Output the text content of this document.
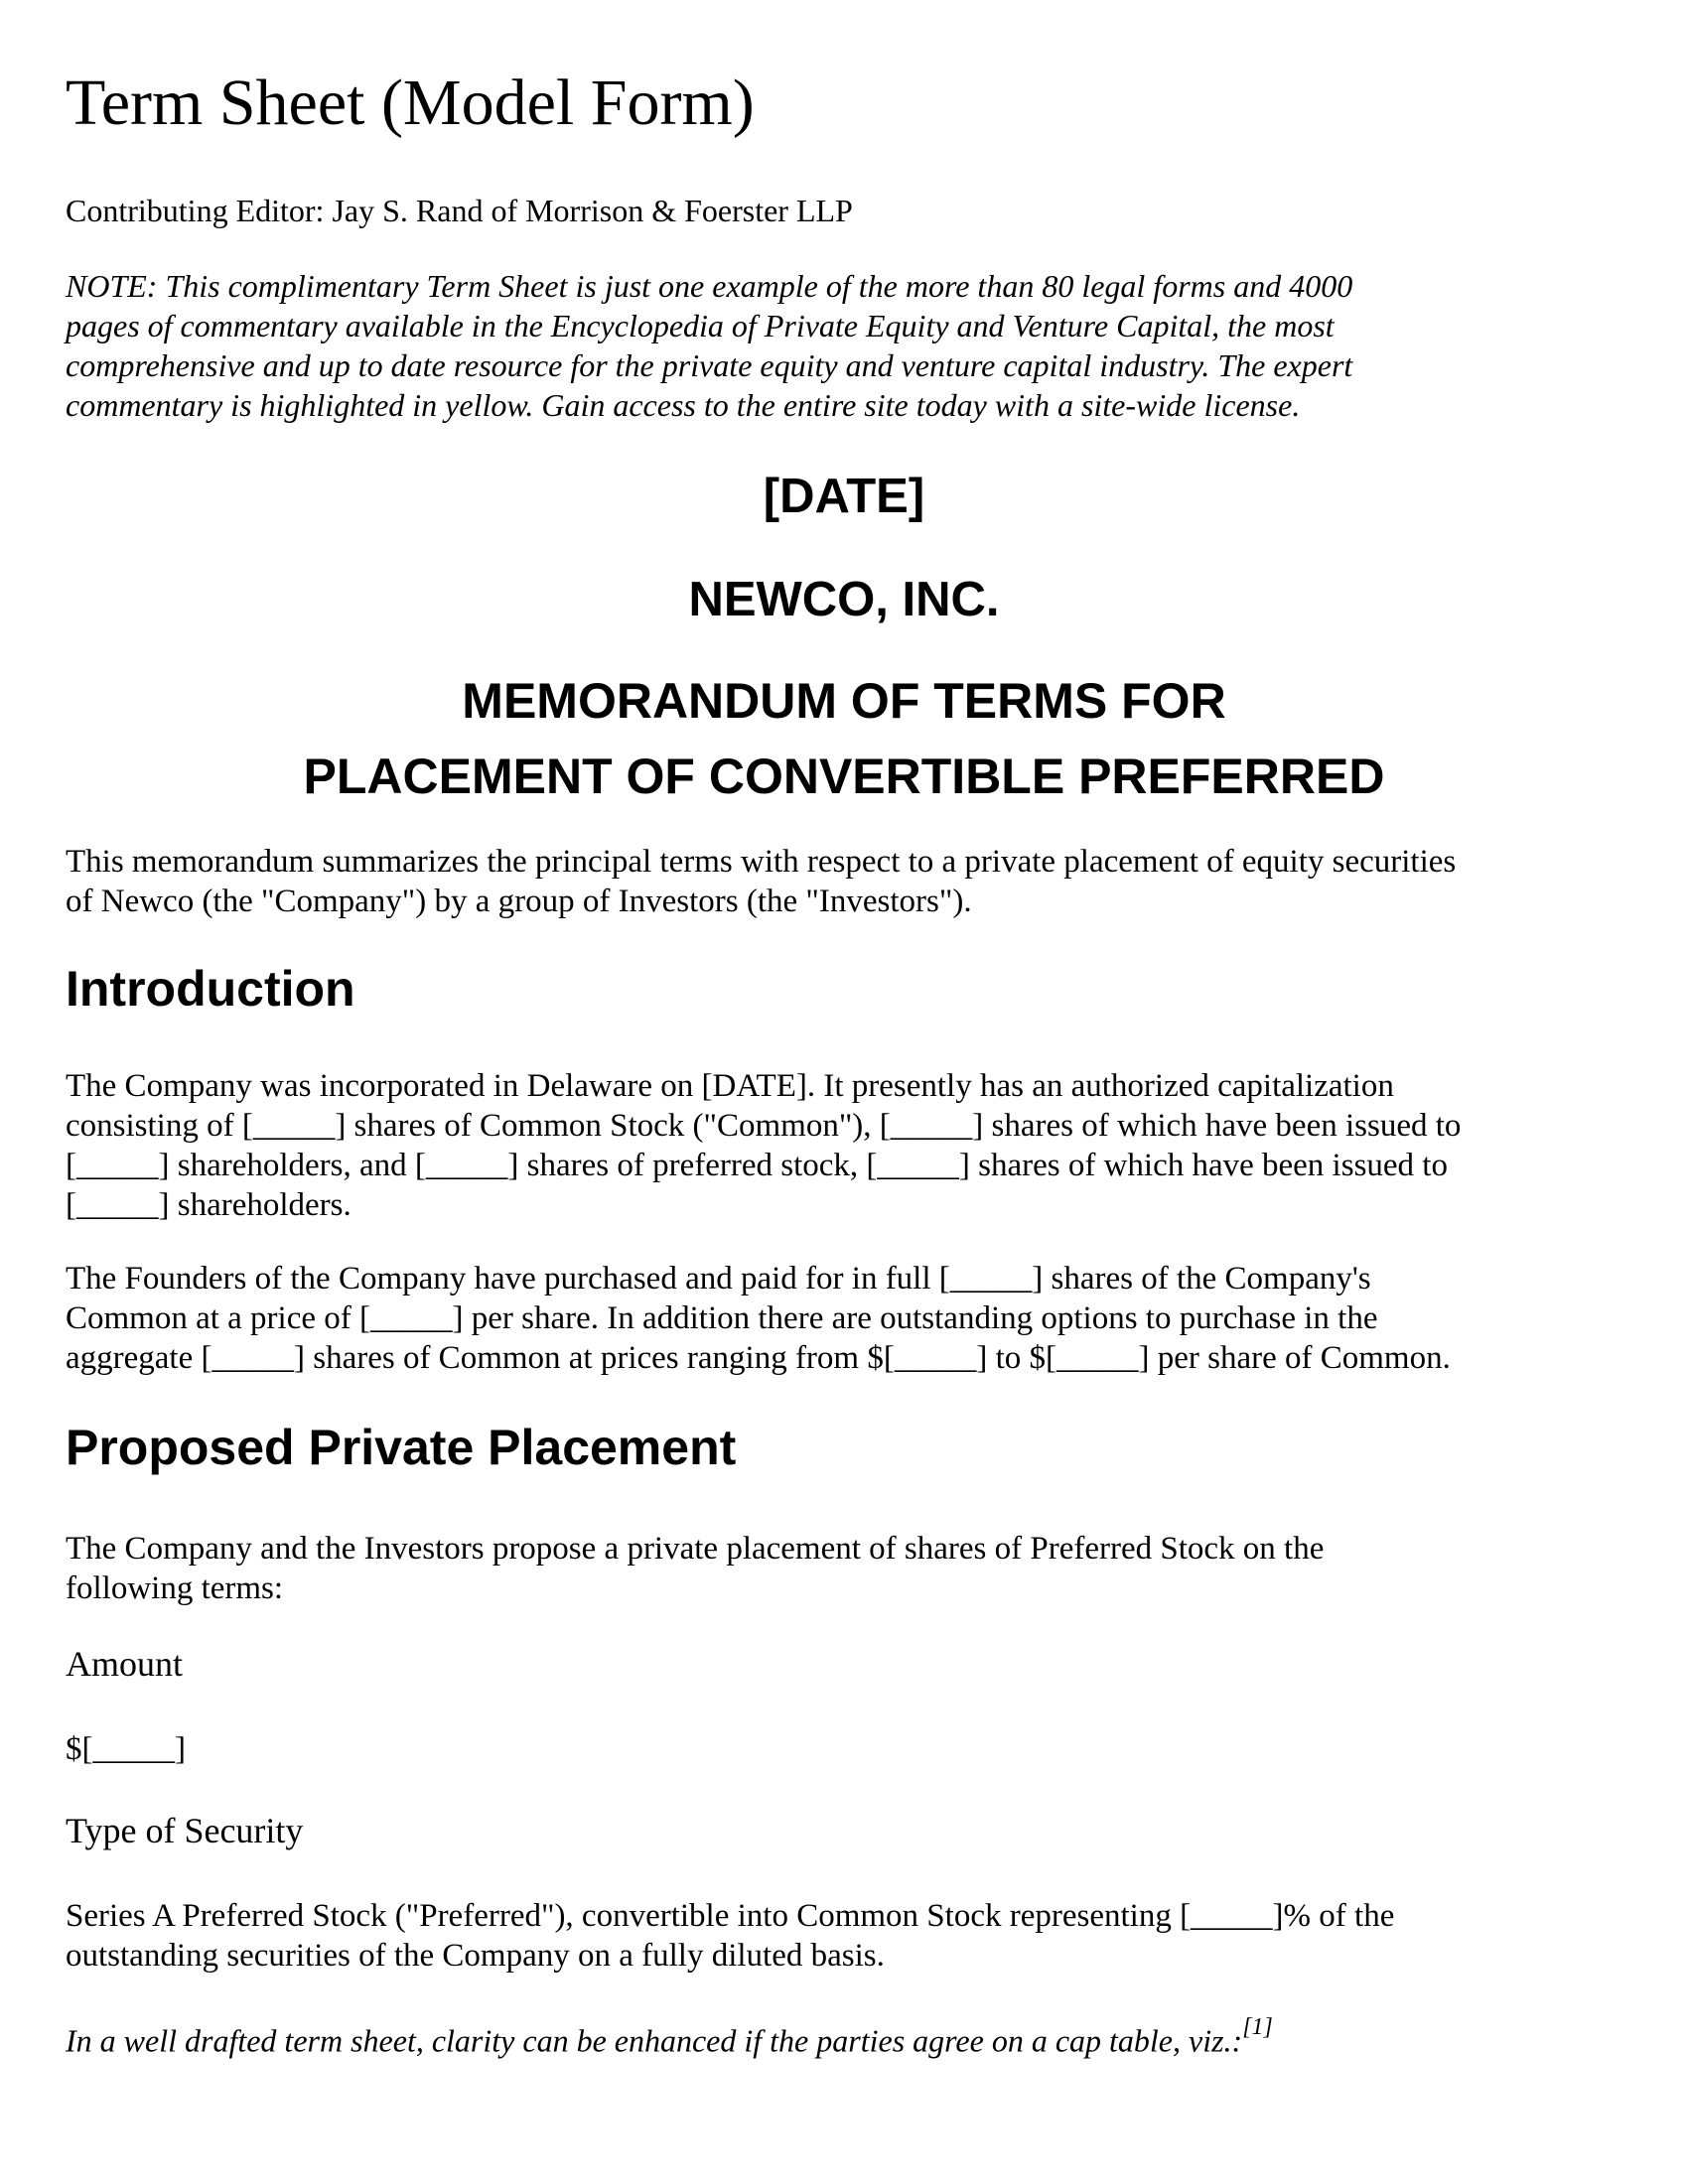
Term Sheet (Model Form)

Contributing Editor: Jay S. Rand of Morrison & Foerster LLP

NOTE: This complimentary Term Sheet is just one example of the more than 80 legal forms and 4000
pages of commentary available in the Encyclopedia of Private Equity and Venture Capital, the most
comprehensive and up to date resource for the private equity and venture capital industry. The expert
commentary is highlighted in yellow. Gain access to the entire site today with a site-wide license.

[DATE]
NEWCO, INC.
MEMORANDUM OF TERMS FOR
PLACEMENT OF CONVERTIBLE PREFERRED

This memorandum summarizes the principal terms with respect to a private placement of equity securities
of Newco (the "Company") by a group of Investors (the "Investors").

Introduction

The Company was incorporated in Delaware on [DATE]. It presently has an authorized capitalization
consisting of [_____] shares of Common Stock ("Common"), [_____] shares of which have been issued to
[_____] shareholders, and [_____] shares of preferred stock, [_____] shares of which have been issued to
[_____] shareholders.

The Founders of the Company have purchased and paid for in full [_____] shares of the Company's
Common at a price of [_____] per share. In addition there are outstanding options to purchase in the
aggregate [_____] shares of Common at prices ranging from $[_____] to $[_____] per share of Common.

Proposed Private Placement

The Company and the Investors propose a private placement of shares of Preferred Stock on the
following terms:

Amount

$[_____]

Type of Security

Series A Preferred Stock ("Preferred"), convertible into Common Stock representing [_____]% of the
outstanding securities of the Company on a fully diluted basis.

In a well drafted term sheet, clarity can be enhanced if the parties agree on a cap table, viz.:[1]
